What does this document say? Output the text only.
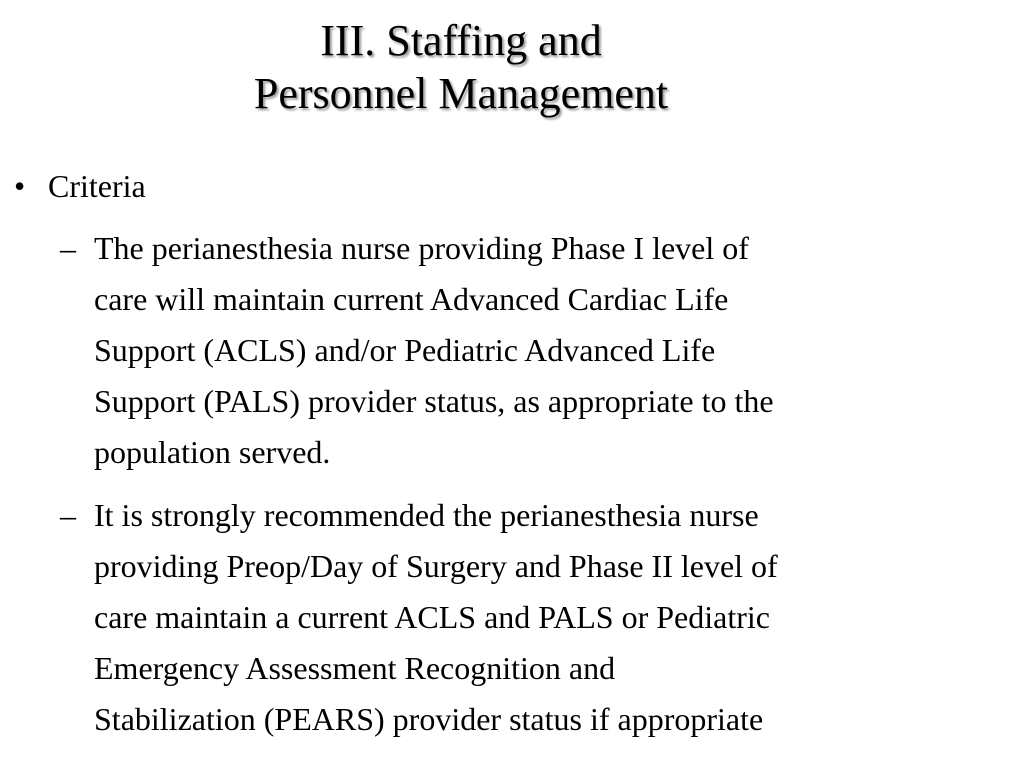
III. Staffing and
Personnel Management
• Criteria
– The perianesthesia nurse providing Phase I level of
care will maintain current Advanced Cardiac Life
Support (ACLS) and/or Pediatric Advanced Life
Support (PALS) provider status, as appropriate to the
population served.
– It is strongly recommended the perianesthesia nurse
providing Preop/Day of Surgery and Phase II level of
care maintain a current ACLS and PALS or Pediatric
Emergency Assessment Recognition and
Stabilization (PEARS) provider status if appropriate
